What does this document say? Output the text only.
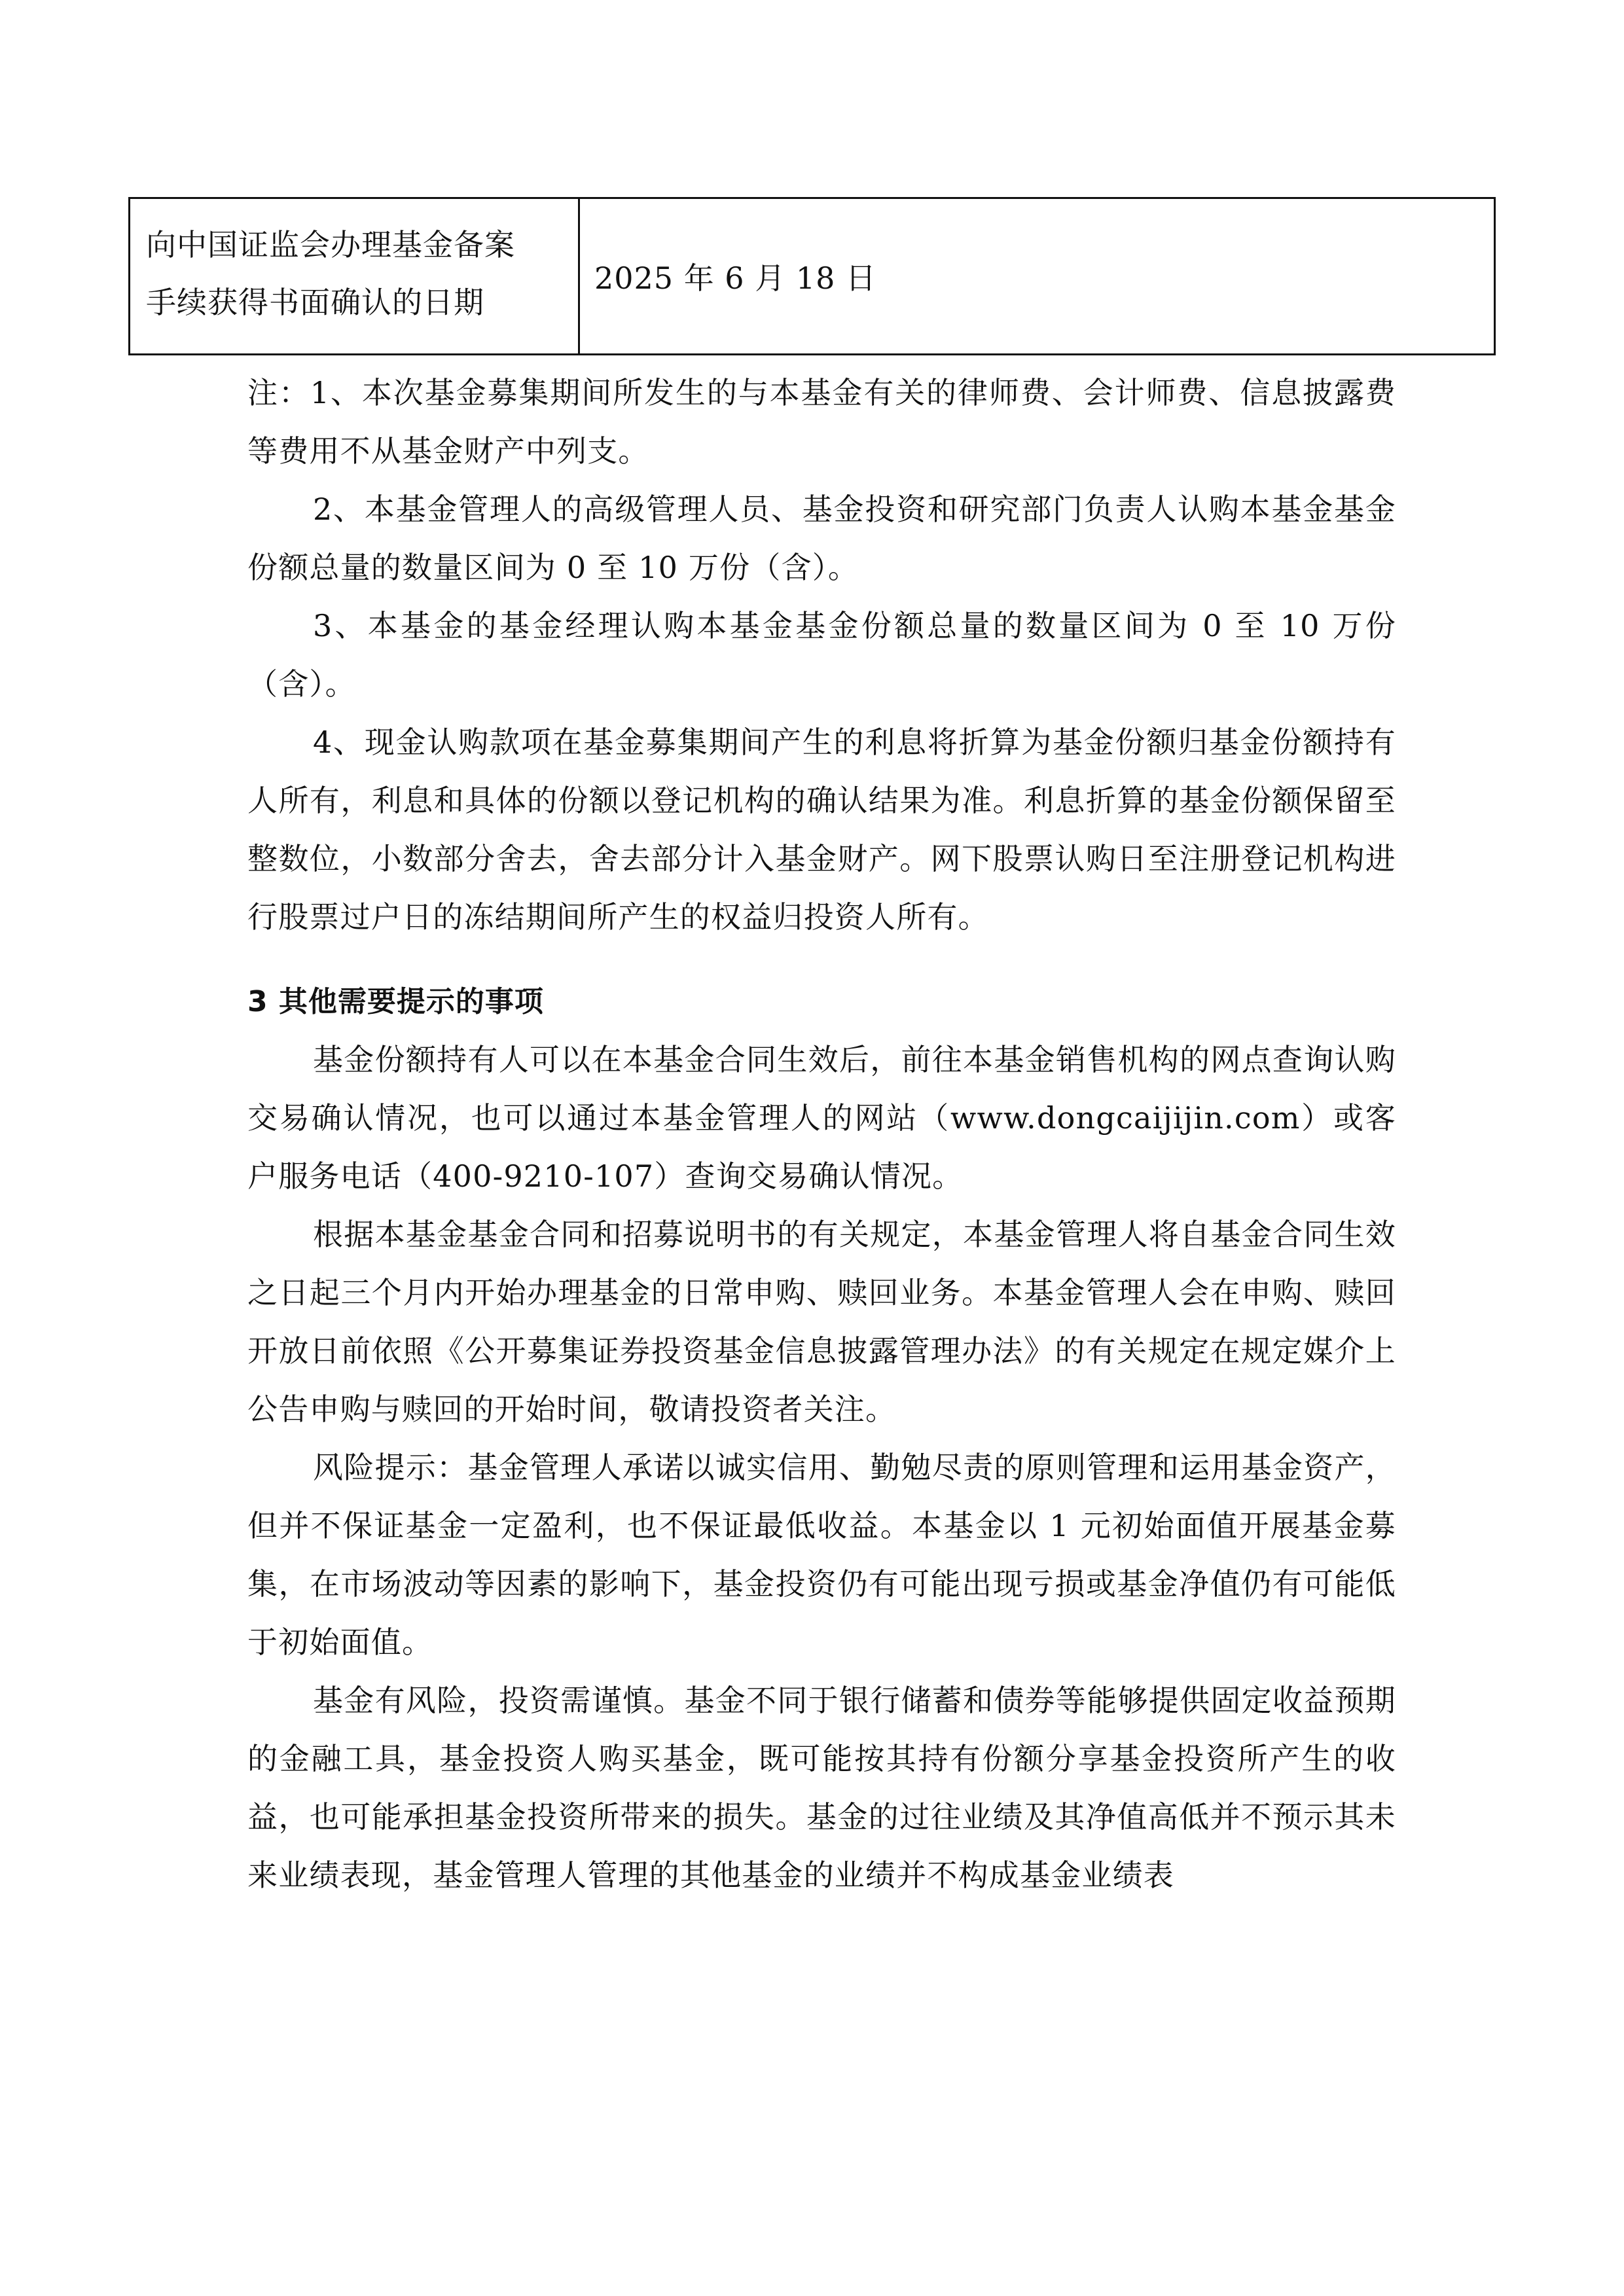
向中国证监会办理基金备案
手续获得书面确认的日期
2025 年 6 月 18 日

注：1、本次基金募集期间所发生的与本基金有关的律师费、会计师费、信息披露费等费用不从基金财产中列支。

2、本基金管理人的高级管理人员、基金投资和研究部门负责人认购本基金基金份额总量的数量区间为 0 至 10 万份（含）。

3、本基金的基金经理认购本基金基金份额总量的数量区间为 0 至 10 万份（含）。

4、现金认购款项在基金募集期间产生的利息将折算为基金份额归基金份额持有人所有，利息和具体的份额以登记机构的确认结果为准。利息折算的基金份额保留至整数位，小数部分舍去，舍去部分计入基金财产。网下股票认购日至注册登记机构进行股票过户日的冻结期间所产生的权益归投资人所有。

3 其他需要提示的事项

基金份额持有人可以在本基金合同生效后，前往本基金销售机构的网点查询认购交易确认情况，也可以通过本基金管理人的网站（www.dongcaijijin.com）或客户服务电话（400-9210-107）查询交易确认情况。

根据本基金基金合同和招募说明书的有关规定，本基金管理人将自基金合同生效之日起三个月内开始办理基金的日常申购、赎回业务。本基金管理人会在申购、赎回开放日前依照《公开募集证券投资基金信息披露管理办法》的有关规定在规定媒介上公告申购与赎回的开始时间，敬请投资者关注。

风险提示：基金管理人承诺以诚实信用、勤勉尽责的原则管理和运用基金资产，但并不保证基金一定盈利，也不保证最低收益。本基金以 1 元初始面值开展基金募集，在市场波动等因素的影响下，基金投资仍有可能出现亏损或基金净值仍有可能低于初始面值。

基金有风险，投资需谨慎。基金不同于银行储蓄和债券等能够提供固定收益预期的金融工具，基金投资人购买基金，既可能按其持有份额分享基金投资所产生的收益，也可能承担基金投资所带来的损失。基金的过往业绩及其净值高低并不预示其未来业绩表现，基金管理人管理的其他基金的业绩并不构成基金业绩表
